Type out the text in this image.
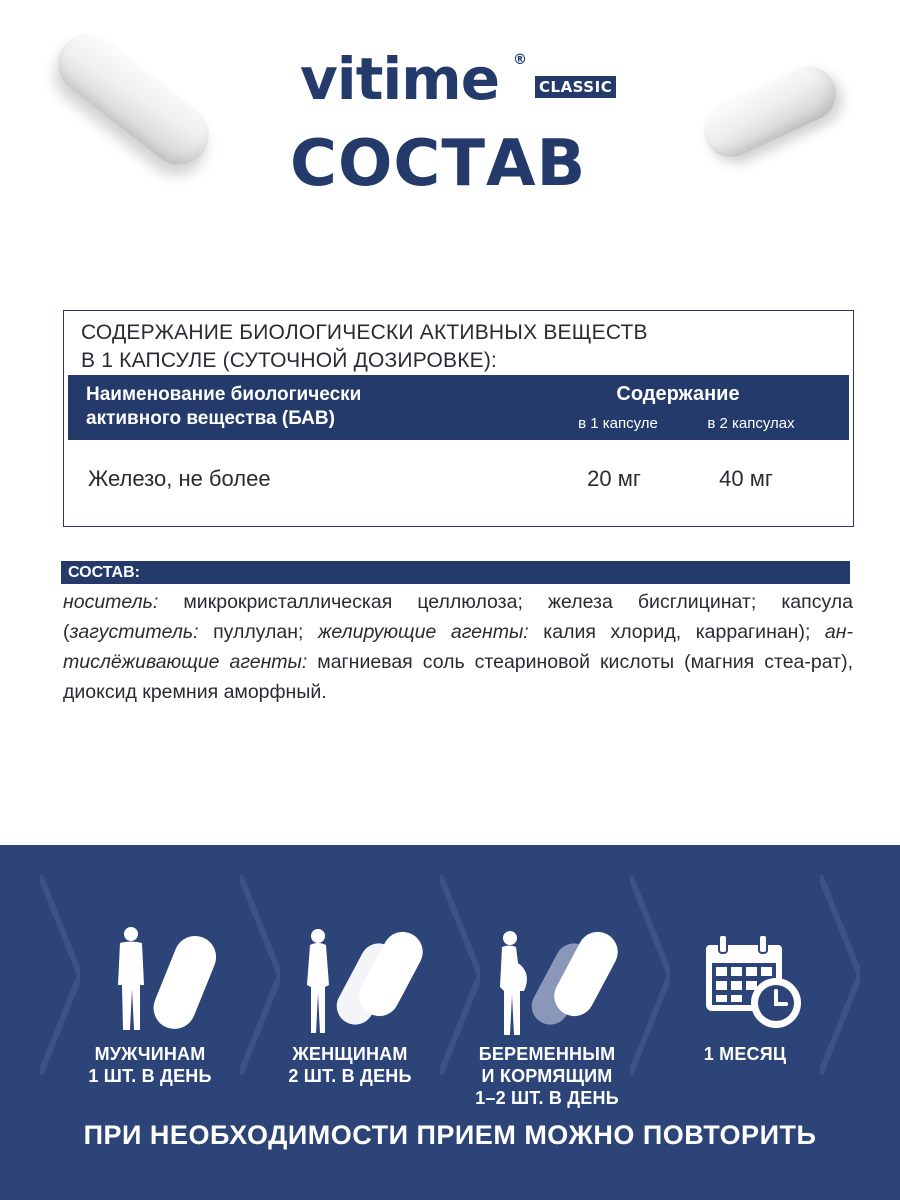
vitime ®
CLASSIC
СОСТАВ
СОДЕРЖАНИЕ БИОЛОГИЧЕСКИ АКТИВНЫХ ВЕЩЕСТВ
В 1 КАПСУЛЕ (СУТОЧНОЙ ДОЗИРОВКЕ):
Наименование биологически
активного вещества (БАВ)
Содержание
в 1 капсуле	в 2 капсулах
Железо, не более	20 мг	40 мг
СОСТАВ:
носитель: микрокристаллическая целлюлоза; железа бисглицинат; капсула (загуститель: пуллулан; желирующие агенты: калия хлорид, каррагинан); ан-тислёживающие агенты: магниевая соль стеариновой кислоты (магния стеа-рат), диоксид кремния аморфный.
МУЖЧИНАМ
1 ШТ. В ДЕНЬ
ЖЕНЩИНАМ
2 ШТ. В ДЕНЬ
БЕРЕМЕННЫМ
И КОРМЯЩИМ
1–2 ШТ. В ДЕНЬ
1 МЕСЯЦ
ПРИ НЕОБХОДИМОСТИ ПРИЕМ МОЖНО ПОВТОРИТЬ
